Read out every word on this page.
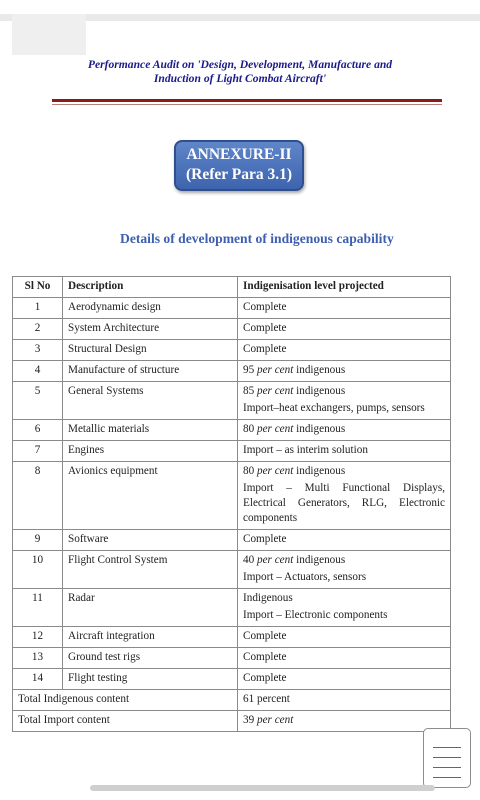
Performance Audit on 'Design, Development, Manufacture and
Induction of Light Combat Aircraft'
ANNEXURE-II
(Refer Para 3.1)
Details of development of indigenous capability
Sl No	Description	Indigenisation level projected
1	Aerodynamic design	Complete
2	System Architecture	Complete
3	Structural Design	Complete
4	Manufacture of structure	95 per cent indigenous
5	General Systems	85 per cent indigenous
Import–heat exchangers, pumps, sensors

6	Metallic materials	80 per cent indigenous
7	Engines	Import – as interim solution
8	Avionics equipment	80 per cent indigenous
Import – Multi Functional Displays, Electrical Generators, RLG, Electronic components

9	Software	Complete
10	Flight Control System	40 per cent indigenous
Import – Actuators, sensors

11	Radar	Indigenous
Import – Electronic components

12	Aircraft integration	Complete
13	Ground test rigs	Complete
14	Flight testing	Complete
Total Indigenous content		61 percent
Total Import content		39 per cent
